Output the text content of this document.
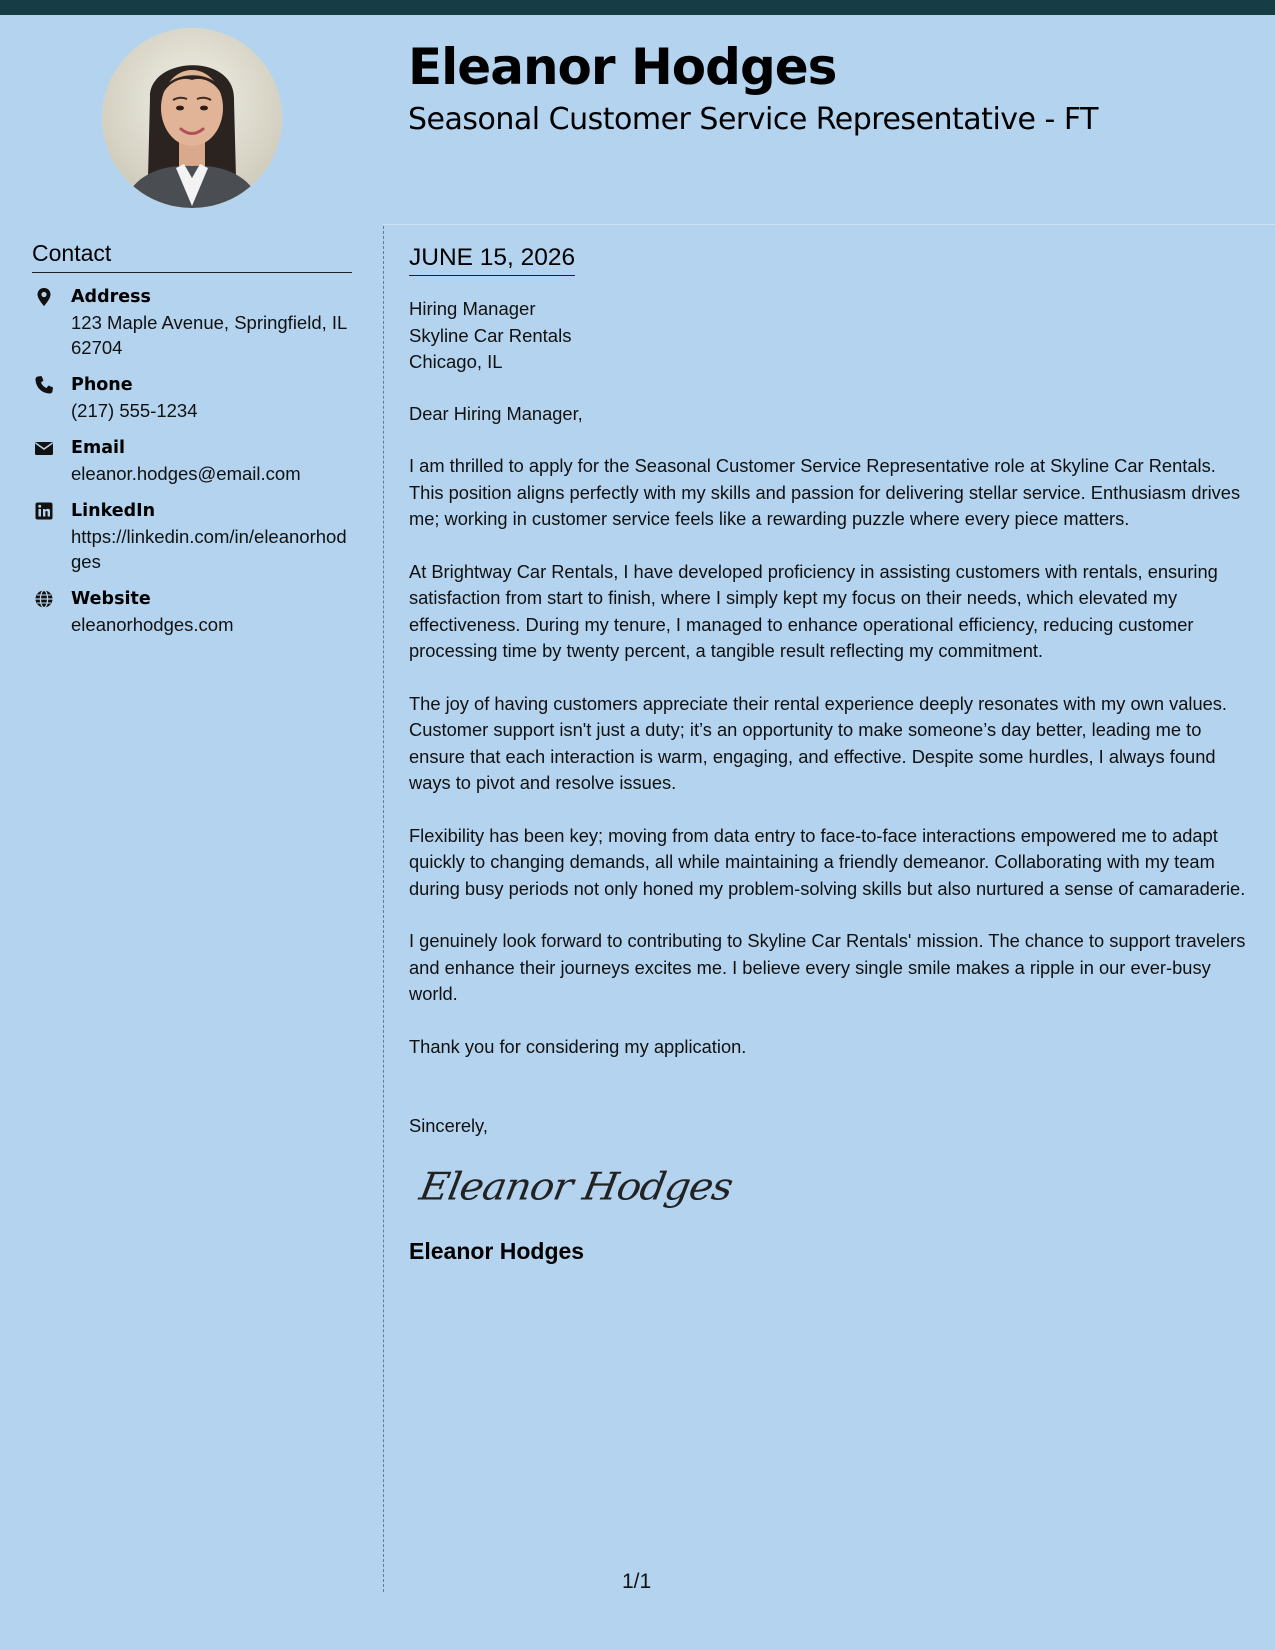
Eleanor Hodges
Seasonal Customer Service Representative - FT
Contact
Address
123 Maple Avenue, Springfield, IL 62704
Phone
(217) 555-1234
Email
eleanor.hodges@email.com
LinkedIn
https://linkedin.com/in/eleanorhodges
Website
eleanorhodges.com
JUNE 15, 2026
Hiring Manager
Skyline Car Rentals
Chicago, IL

Dear Hiring Manager,

I am thrilled to apply for the Seasonal Customer Service Representative role at Skyline Car Rentals. This position aligns perfectly with my skills and passion for delivering stellar service. Enthusiasm drives me; working in customer service feels like a rewarding puzzle where every piece matters.

At Brightway Car Rentals, I have developed proficiency in assisting customers with rentals, ensuring satisfaction from start to finish, where I simply kept my focus on their needs, which elevated my effectiveness. During my tenure, I managed to enhance operational efficiency, reducing customer processing time by twenty percent, a tangible result reflecting my commitment.

The joy of having customers appreciate their rental experience deeply resonates with my own values. Customer support isn't just a duty; it’s an opportunity to make someone’s day better, leading me to ensure that each interaction is warm, engaging, and effective. Despite some hurdles, I always found ways to pivot and resolve issues.

Flexibility has been key; moving from data entry to face-to-face interactions empowered me to adapt quickly to changing demands, all while maintaining a friendly demeanor. Collaborating with my team during busy periods not only honed my problem-solving skills but also nurtured a sense of camaraderie.

I genuinely look forward to contributing to Skyline Car Rentals' mission. The chance to support travelers and enhance their journeys excites me. I believe every single smile makes a ripple in our ever-busy world.

Thank you for considering my application.

Sincerely,

Eleanor Hodges
Eleanor Hodges
1/1
